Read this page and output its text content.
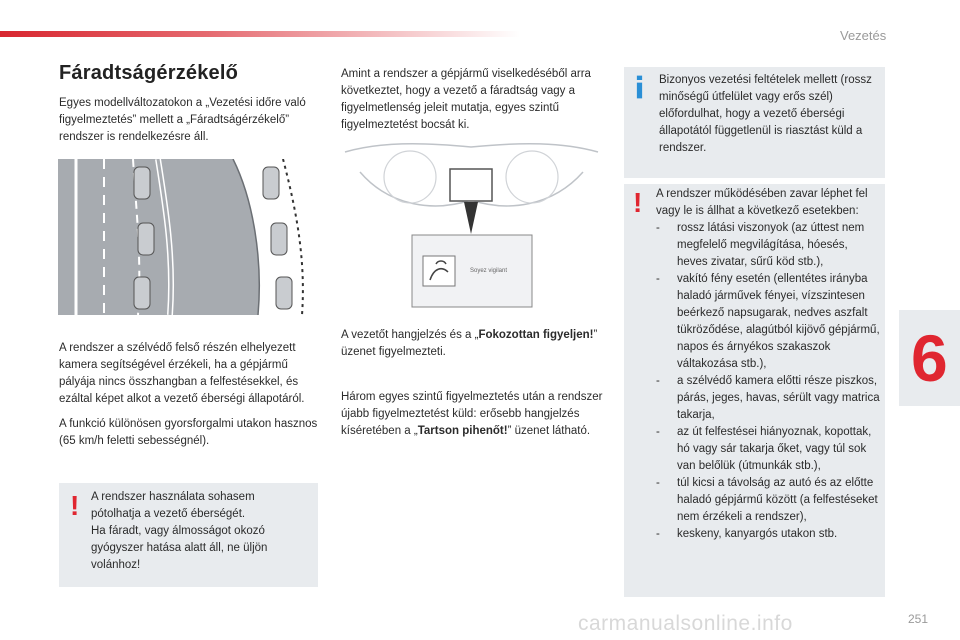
Vezetés
Fáradtságérzékelő
Egyes modellváltozatokon a „Vezetési időre való figyelmeztetés” mellett a „Fáradtságérzékelő” rendszer is rendelkezésre áll.
A rendszer a szélvédő felső részén elhelyezett kamera segítségével érzékeli, ha a gépjármű pályája nincs összhangban a felfestésekkel, és ezáltal képet alkot a vezető éberségi állapotáról.
A funkció különösen gyorsforgalmi utakon hasznos (65 km/h feletti sebességnél).
! A rendszer használata sohasem pótolhatja a vezető éberségét.
Ha fáradt, vagy álmosságot okozó gyógyszer hatása alatt áll, ne üljön volánhoz!
Amint a rendszer a gépjármű viselkedéséből arra következtet, hogy a vezető a fáradtság vagy a figyelmetlenség jeleit mutatja, egyes szintű figyelmeztetést bocsát ki.
Soyez vigilant
A vezetőt hangjelzés és a „Fokozottan figyeljen!” üzenet figyelmezteti.
Három egyes szintű figyelmeztetés után a rendszer újabb figyelmeztetést küld: erősebb hangjelzés kíséretében a „Tartson pihenőt!” üzenet látható.
Bizonyos vezetési feltételek mellett (rossz minőségű útfelület vagy erős szél) előfordulhat, hogy a vezető éberségi állapotától függetlenül is riasztást küld a rendszer.
! A rendszer működésében zavar léphet fel vagy le is állhat a következő esetekben:
- rossz látási viszonyok (az úttest nem megfelelő megvilágítása, hóesés, heves zivatar, sűrű köd stb.),
- vakító fény esetén (ellentétes irányba haladó járművek fényei, vízszintesen beérkező napsugarak, nedves aszfalt tükröződése, alagútból kijövő gépjármű, napos és árnyékos szakaszok váltakozása stb.),
- a szélvédő kamera előtti része piszkos, párás, jeges, havas, sérült vagy matrica takarja,
- az út felfestései hiányoznak, kopottak, hó vagy sár takarja őket, vagy túl sok van belőlük (útmunkák stb.),
- túl kicsi a távolság az autó és az előtte haladó gépjármű között (a felfestéseket nem érzékeli a rendszer),
- keskeny, kanyargós utakon stb.
6
carmanualsonline.info	251
